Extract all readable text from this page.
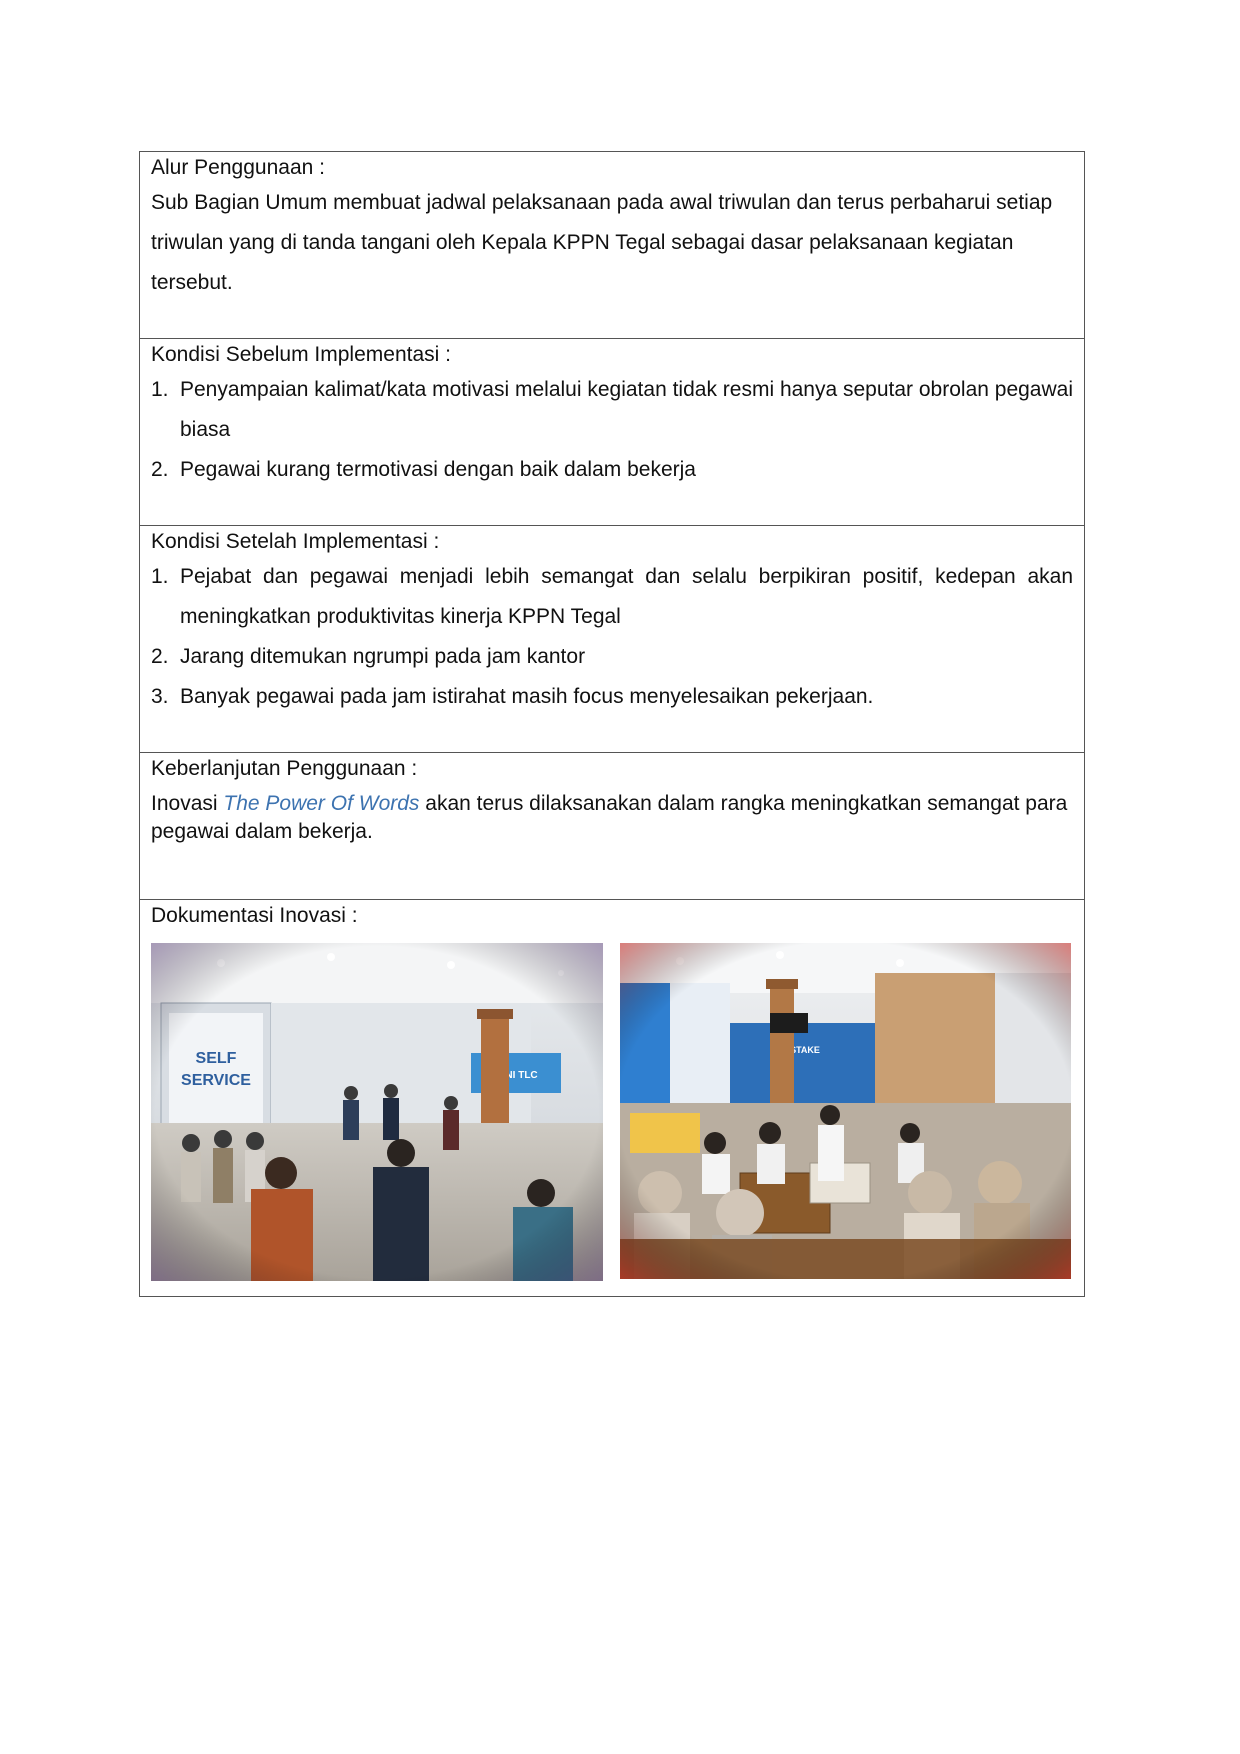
Alur Penggunaan :
Sub Bagian Umum membuat jadwal pelaksanaan pada awal triwulan dan terus perbaharui setiap triwulan yang di tanda tangani oleh Kepala KPPN Tegal sebagai dasar pelaksanaan kegiatan tersebut.
Kondisi Sebelum Implementasi :
1. Penyampaian kalimat/kata motivasi melalui kegiatan tidak resmi hanya seputar obrolan pegawai biasa
2. Pegawai kurang termotivasi dengan baik dalam bekerja
Kondisi Setelah Implementasi :
1. Pejabat dan pegawai menjadi lebih semangat dan selalu berpikiran positif, kedepan akan meningkatkan produktivitas kinerja KPPN Tegal
2. Jarang ditemukan ngrumpi pada jam kantor
3. Banyak pegawai pada jam istirahat masih focus menyelesaikan pekerjaan.
Keberlanjutan Penggunaan :
Inovasi The Power Of Words akan terus dilaksanakan dalam rangka meningkatkan semangat para pegawai dalam bekerja.
Dokumentasi Inovasi :
